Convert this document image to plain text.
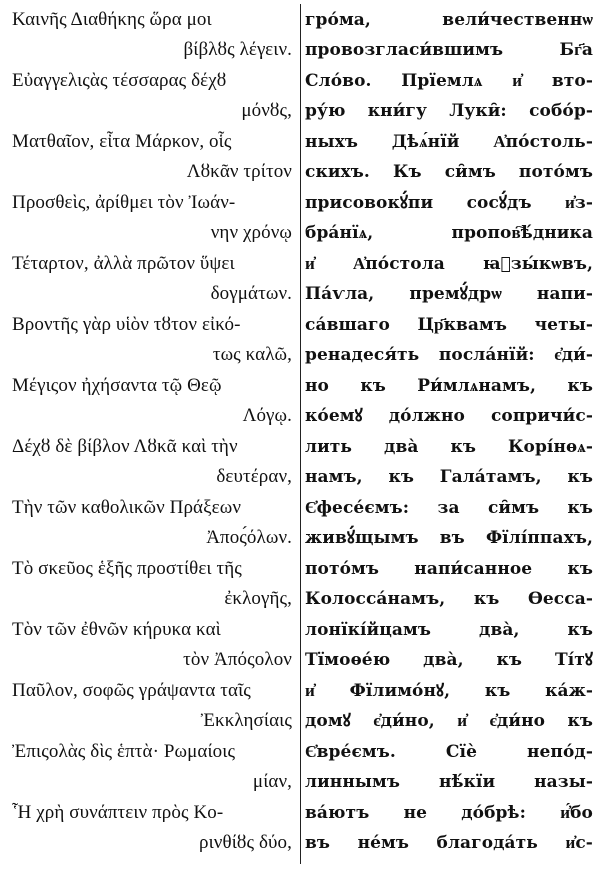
Καινῆς Διαθήκης ὥρα μοι
βίβλȣς λέγειν.
Εὐαγγελιςὰς τέσσαρας δέχȣ
μόνȣς,
Ματθαῖον, εἶτα Μάρκον, οἷς
Λȣκᾶν τρίτον
Προσθεὶς, ἀρίθμει τὸν Ἰωάν-
νην χρόνῳ
Τέταρτον, ἀλλὰ πρῶτον ὕψει
δογμάτων.
Βροντῆς γὰρ υἱὸν τȣτον εἰκό-
τως καλῶ,
Μέγιςον ἠχήσαντα τῷ Θεῷ
Λόγῳ.
Δέχȣ δὲ βίβλον Λȣκᾶ καὶ τὴν
δευτέραν,
Τὴν τῶν καθολικῶν Πράξεων
Ἀπος́όλων.
Τὸ σκεῦος ἑξῆς προστίθει τῆς
ἐκλογῆς,
Τὸν τῶν ἐθνῶν κήρυκα καὶ
τὸν Ἀπόςολον
Παῦλον, σοφῶς γράψαντα ταῖς
Ἐκκλησίαις
Ἐπιςολὰς δὶς ἑπτὰ· Ρωμαίοις
μίαν,
Ἧ χρὴ συνάπτειν πρὸς Κο-
ρινθίȣς δύο,
гро́ма,	вели́чественнѡ
провозгласи́вшимъ	Бг҃а
Сло́во. Прїемлѧ и҆ вто-
ру́ю кни́гу Луки̑: собо́р-
ныхъ Дѣѧ́нїй А҆по́столь-
скихъ. Къ си̑мъ пото́мъ
присовокꙋ́пи сосꙋ́дъ и҆з-
бра́нїѧ,	пропов҇ѣ́дника
и҆ А҆по́стола ꙗ҆зы́кѡвъ,
Па́ѵла, премꙋ́дрѡ напи-
са́вшаго Цр҃квамъ четы-
ренадеся́ть посла́нїй: є҆ди́-
но къ Ри́млѧнамъ, къ
ко́емꙋ до́лжно сопричи́с-
лить два̀ къ Корі́нѳѧ-
намъ, къ Гала́тамъ, къ
Є҆фесе́ємъ: за си̑мъ къ
живꙋ́щымъ въ Фїлі́ппахъ,
пото́мъ напи́санное къ
Колосса́намъ, къ Ѳесса-
лонїкі́йцамъ	два̀,	къ
Тїмоѳе́ю два̀, къ Ті́тꙋ
и҆ Фїлимо́нꙋ, къ ка́ж-
домꙋ є҆ди́но, и҆ є҆ди́но къ
Є҆вре́ємъ.	Сїѐ	непо́д-
линнымъ нѣ́кїи назы-
ва́ютъ не до́брѣ: и҆́бо
въ не́мъ благода́ть и҆с-
